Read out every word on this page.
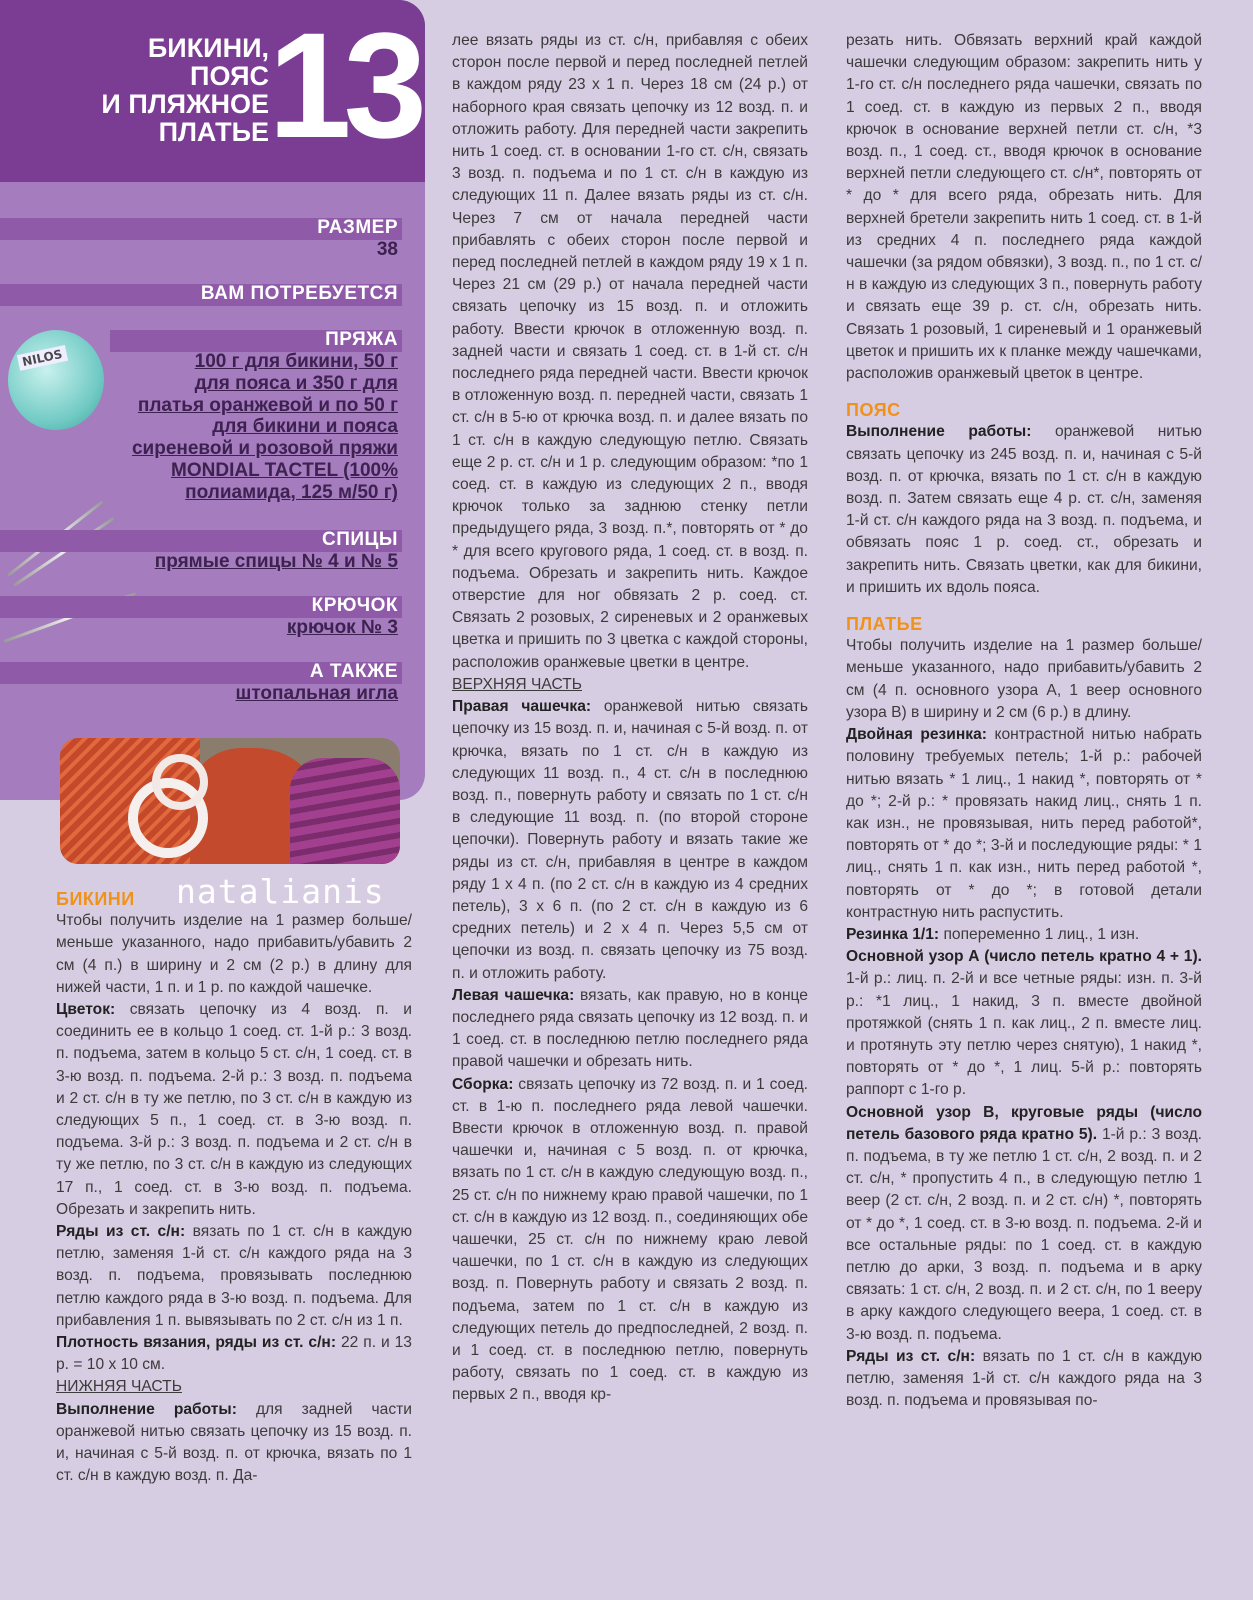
БИКИНИ,
ПОЯС
И ПЛЯЖНОЕ
ПЛАТЬЕ 13
РАЗМЕР
38
ВАМ ПОТРЕБУЕТСЯ
NILOS
ПРЯЖА
100 г для бикини, 50 г
для пояса и 350 г для
платья оранжевой и по 50 г
для бикини и пояса
сиреневой и розовой пряжи
MONDIAL TACTEL (100%
полиамида, 125 м/50 г)
СПИЦЫ
прямые спицы № 4 и № 5
КРЮЧОК
крючок № 3
А ТАКЖЕ
штопальная игла
natalianis

БИКИНИ

Чтобы получить изделие на 1 размер больше/меньше указанного, надо прибавить/убавить 2 см (4 п.) в ширину и 2 см (2 р.) в длину для нижей части, 1 п. и 1 р. по каждой чашечке.

Цветок: связать цепочку из 4 возд. п. и соединить ее в кольцо 1 соед. ст. 1-й р.: 3 возд. п. подъема, затем в кольцо 5 ст. с/н, 1 соед. ст. в 3-ю возд. п. подъема. 2-й р.: 3 возд. п. подъема и 2 ст. с/н в ту же петлю, по 3 ст. с/н в каждую из следующих 5 п., 1 соед. ст. в 3-ю возд. п. подъема. 3-й р.: 3 возд. п. подъема и 2 ст. с/н в ту же петлю, по 3 ст. с/н в каждую из следующих 17 п., 1 соед. ст. в 3-ю возд. п. подъема. Обрезать и закрепить нить.

Ряды из ст. с/н: вязать по 1 ст. с/н в каждую петлю, заменяя 1-й ст. с/н каждого ряда на 3 возд. п. подъема, провязывать последнюю петлю каждого ряда в 3-ю возд. п. подъема. Для прибавления 1 п. вывязывать по 2 ст. с/н из 1 п.

Плотность вязания, ряды из ст. с/н: 22 п. и 13 р. = 10 х 10 см.

НИЖНЯЯ ЧАСТЬ

Выполнение работы: для задней части оранжевой нитью связать цепочку из 15 возд. п. и, начиная с 5-й возд. п. от крючка, вязать по 1 ст. с/н в каждую возд. п. Да-

лее вязать ряды из ст. с/н, прибавляя с обеих сторон после первой и перед последней петлей в каждом ряду 23 х 1 п. Через 18 см (24 р.) от наборного края связать цепочку из 12 возд. п. и отложить работу. Для передней части закрепить нить 1 соед. ст. в основании 1-го ст. с/н, связать 3 возд. п. подъема и по 1 ст. с/н в каждую из следующих 11 п. Далее вязать ряды из ст. с/н. Через 7 см от начала передней части прибавлять с обеих сторон после первой и перед последней петлей в каждом ряду 19 х 1 п. Через 21 см (29 р.) от начала передней части связать цепочку из 15 возд. п. и отложить работу. Ввести крючок в отложенную возд. п. задней части и связать 1 соед. ст. в 1-й ст. с/н последнего ряда передней части. Ввести крючок в отложенную возд. п. передней части, связать 1 ст. с/н в 5-ю от крючка возд. п. и далее вязать по 1 ст. с/н в каждую следующую петлю. Связать еще 2 р. ст. с/н и 1 р. следующим образом: *по 1 соед. ст. в каждую из следующих 2 п., вводя крючок только за заднюю стенку петли предыдущего ряда, 3 возд. п.*, повторять от * до * для всего кругового ряда, 1 соед. ст. в возд. п. подъема. Обрезать и закрепить нить. Каждое отверстие для ног обвязать 2 р. соед. ст. Связать 2 розовых, 2 сиреневых и 2 оранжевых цветка и пришить по 3 цветка с каждой стороны, расположив оранжевые цветки в центре.

ВЕРХНЯЯ ЧАСТЬ

Правая чашечка: оранжевой нитью связать цепочку из 15 возд. п. и, начиная с 5-й возд. п. от крючка, вязать по 1 ст. с/н в каждую из следующих 11 возд. п., 4 ст. с/н в последнюю возд. п., повернуть работу и связать по 1 ст. с/н в следующие 11 возд. п. (по второй стороне цепочки). Повернуть работу и вязать такие же ряды из ст. с/н, прибавляя в центре в каждом ряду 1 х 4 п. (по 2 ст. с/н в каждую из 4 средних петель), 3 х 6 п. (по 2 ст. с/н в каждую из 6 средних петель) и 2 х 4 п. Через 5,5 см от цепочки из возд. п. связать цепочку из 75 возд. п. и отложить работу.

Левая чашечка: вязать, как правую, но в конце последнего ряда связать цепочку из 12 возд. п. и 1 соед. ст. в последнюю петлю последнего ряда правой чашечки и обрезать нить.

Сборка: связать цепочку из 72 возд. п. и 1 соед. ст. в 1-ю п. последнего ряда левой чашечки. Ввести крючок в отложенную возд. п. правой чашечки и, начиная с 5 возд. п. от крючка, вязать по 1 ст. с/н в каждую следующую возд. п., 25 ст. с/н по нижнему краю правой чашечки, по 1 ст. с/н в каждую из 12 возд. п., соединяющих обе чашечки, 25 ст. с/н по нижнему краю левой чашечки, по 1 ст. с/н в каждую из следующих возд. п. Повернуть работу и связать 2 возд. п. подъема, затем по 1 ст. с/н в каждую из следующих петель до предпоследней, 2 возд. п. и 1 соед. ст. в последнюю петлю, повернуть работу, связать по 1 соед. ст. в каждую из первых 2 п., вводя кр-

резать нить. Обвязать верхний край каждой чашечки следующим образом: закрепить нить у 1-го ст. с/н последнего ряда чашечки, связать по 1 соед. ст. в каждую из первых 2 п., вводя крючок в основание верхней петли ст. с/н, *3 возд. п., 1 соед. ст., вводя крючок в основание верхней петли следующего ст. с/н*, повторять от * до * для всего ряда, обрезать нить. Для верхней бретели закрепить нить 1 соед. ст. в 1-й из средних 4 п. последнего ряда каждой чашечки (за рядом обвязки), 3 возд. п., по 1 ст. с/н в каждую из следующих 3 п., повернуть работу и связать еще 39 р. ст. с/н, обрезать нить. Связать 1 розовый, 1 сиреневый и 1 оранжевый цветок и пришить их к планке между чашечками, расположив оранжевый цветок в центре.

ПОЯС

Выполнение работы: оранжевой нитью связать цепочку из 245 возд. п. и, начиная с 5-й возд. п. от крючка, вязать по 1 ст. с/н в каждую возд. п. Затем связать еще 4 р. ст. с/н, заменяя 1-й ст. с/н каждого ряда на 3 возд. п. подъема, и обвязать пояс 1 р. соед. ст., обрезать и закрепить нить. Связать цветки, как для бикини, и пришить их вдоль пояса.

ПЛАТЬЕ

Чтобы получить изделие на 1 размер больше/меньше указанного, надо прибавить/убавить 2 см (4 п. основного узора А, 1 веер основного узора В) в ширину и 2 см (6 р.) в длину.

Двойная резинка: контрастной нитью набрать половину требуемых петель; 1-й р.: рабочей нитью вязать * 1 лиц., 1 накид *, повторять от * до *; 2-й р.: * провязать накид лиц., снять 1 п. как изн., не провязывая, нить перед работой*, повторять от * до *; 3-й и последующие ряды: * 1 лиц., снять 1 п. как изн., нить перед работой *, повторять от * до *; в готовой детали контрастную нить распустить.

Резинка 1/1: попеременно 1 лиц., 1 изн.

Основной узор А (число петель кратно 4 + 1). 1-й р.: лиц. п. 2-й и все четные ряды: изн. п. 3-й р.: *1 лиц., 1 накид, 3 п. вместе двойной протяжкой (снять 1 п. как лиц., 2 п. вместе лиц. и протянуть эту петлю через снятую), 1 накид *, повторять от * до *, 1 лиц. 5-й р.: повторять раппорт с 1-го р.

Основной узор В, круговые ряды (число петель базового ряда кратно 5). 1-й р.: 3 возд. п. подъема, в ту же петлю 1 ст. с/н, 2 возд. п. и 2 ст. с/н, * пропустить 4 п., в следующую петлю 1 веер (2 ст. с/н, 2 возд. п. и 2 ст. с/н) *, повторять от * до *, 1 соед. ст. в 3-ю возд. п. подъема. 2-й и все остальные ряды: по 1 соед. ст. в каждую петлю до арки, 3 возд. п. подъема и в арку связать: 1 ст. с/н, 2 возд. п. и 2 ст. с/н, по 1 вееру в арку каждого следующего веера, 1 соед. ст. в 3-ю возд. п. подъема.

Ряды из ст. с/н: вязать по 1 ст. с/н в каждую петлю, заменяя 1-й ст. с/н каждого ряда на 3 возд. п. подъема и провязывая по-
